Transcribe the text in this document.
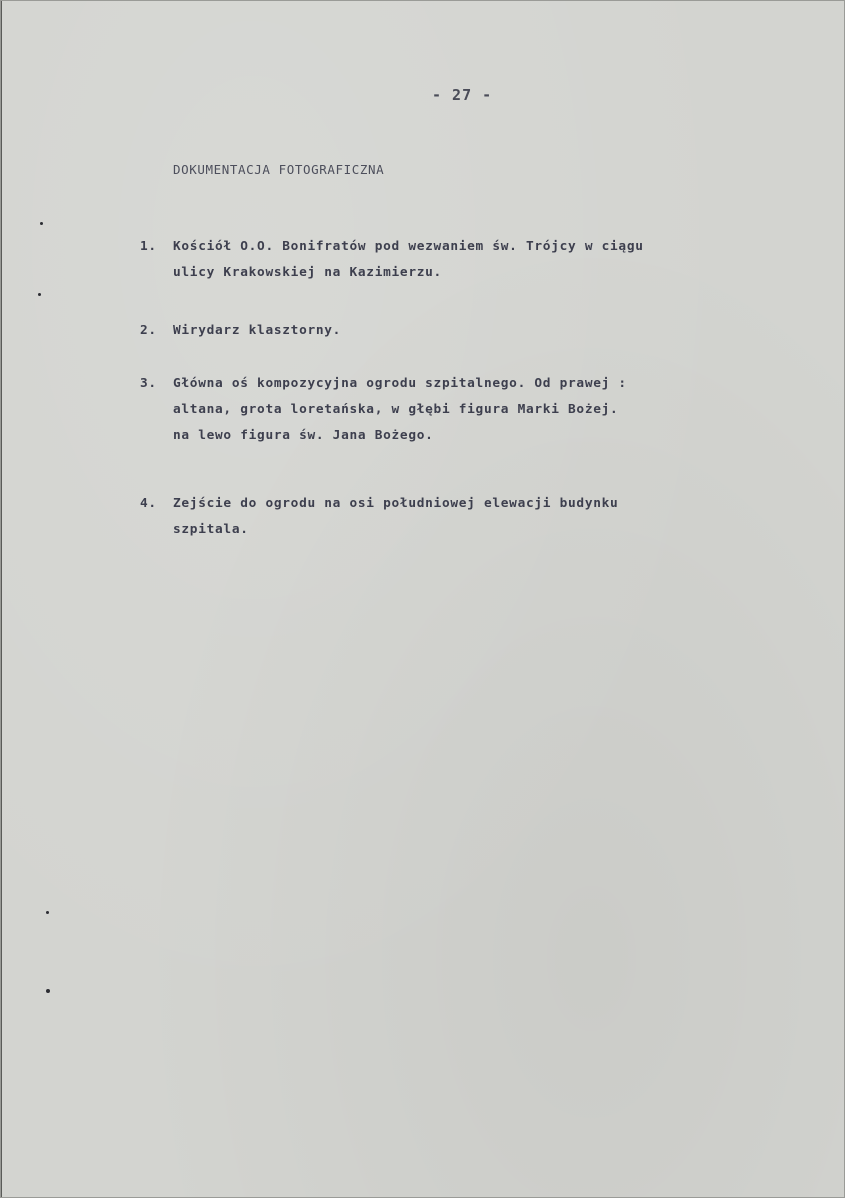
- 27 -
DOKUMENTACJA FOTOGRAFICZNA
1. Kościół O.O. Bonifratów pod wezwaniem św. Trójcy w ciągu
ulicy Krakowskiej na Kazimierzu.
2. Wirydarz klasztorny.
3. Główna oś kompozycyjna ogrodu szpitalnego. Od prawej :
altana, grota loretańska, w głębi figura Marki Bożej.
na lewo figura św. Jana Bożego.
4. Zejście do ogrodu na osi południowej elewacji budynku
szpitala.
